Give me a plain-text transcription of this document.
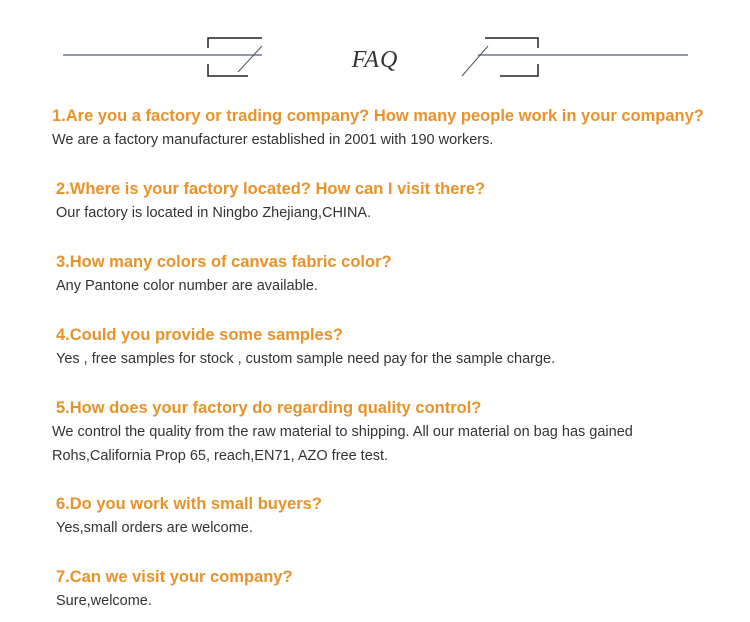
FAQ
1.Are you a factory or trading company? How many people work in your company?
We are a factory manufacturer established in 2001 with 190 workers.
2.Where is your factory located? How can I visit there?
Our factory is located in Ningbo Zhejiang,CHINA.
3.How many colors of canvas fabric color?
Any Pantone color number are available.
4.Could you provide some samples?
Yes , free samples for stock , custom sample need pay for the sample charge.
5.How does your factory do regarding quality control?
We control the quality from the raw material to shipping. All our material on bag has gained
Rohs,California Prop 65, reach,EN71, AZO free test.
6.Do you work with small buyers?
Yes,small orders are welcome.
7.Can we visit your company?
Sure,welcome.
